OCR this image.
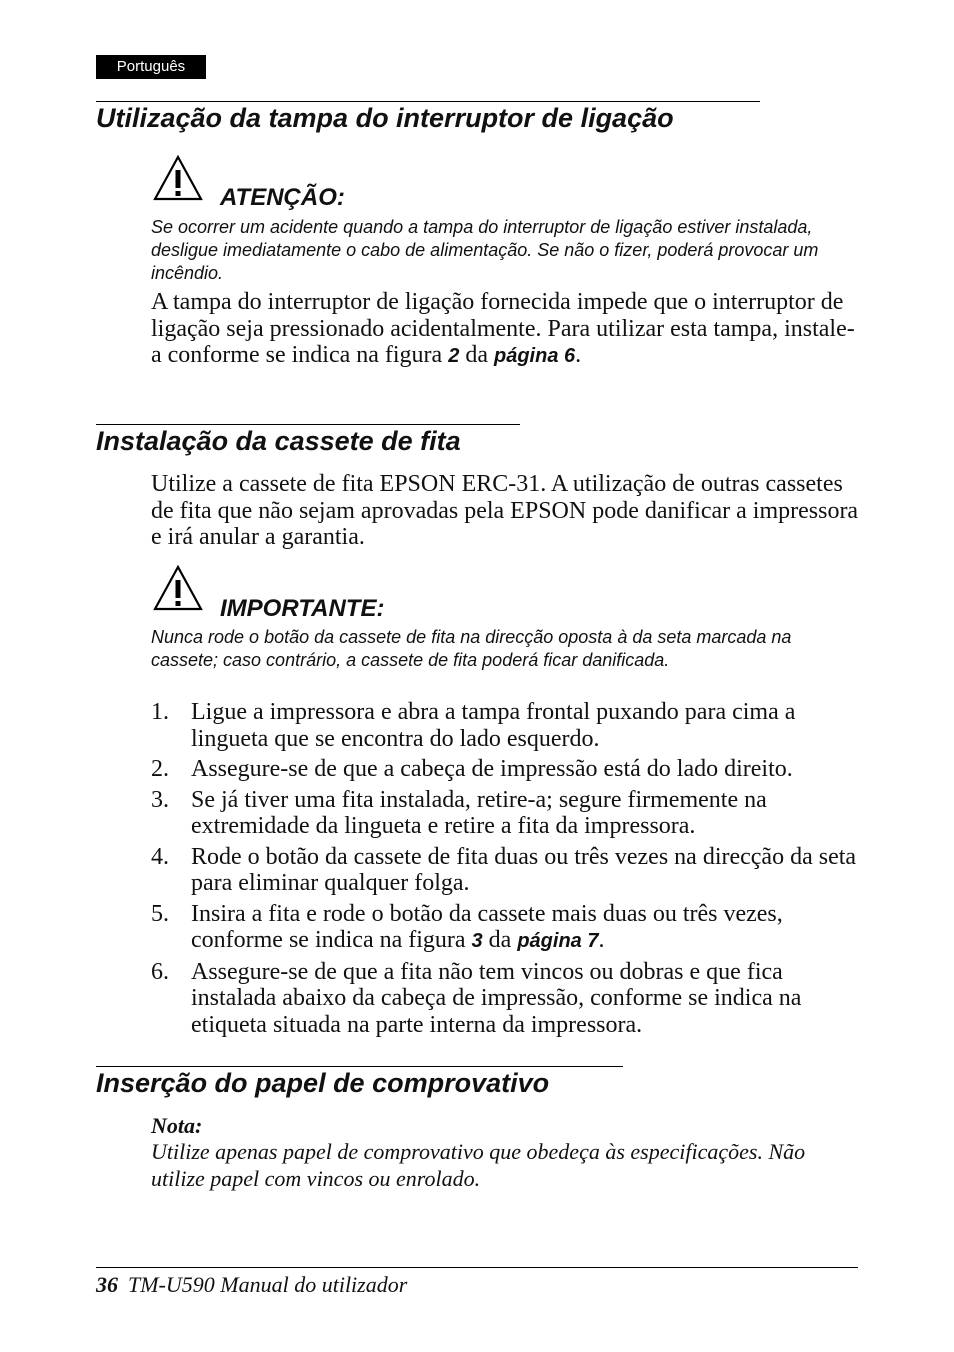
Português
Utilização da tampa do interruptor de ligação
ATENÇÃO:
Se ocorrer um acidente quando a tampa do interruptor de ligação estiver instalada, desligue imediatamente o cabo de alimentação. Se não o fizer, poderá provocar um incêndio.
A tampa do interruptor de ligação fornecida impede que o interruptor de ligação seja pressionado acidentalmente. Para utilizar esta tampa, instale-a conforme se indica na figura 2 da página 6.
Instalação da cassete de fita
Utilize a cassete de fita EPSON ERC-31. A utilização de outras cassetes de fita que não sejam aprovadas pela EPSON pode danificar a impressora e irá anular a garantia.
IMPORTANTE:
Nunca rode o botão da cassete de fita na direcção oposta à da seta marcada na cassete; caso contrário, a cassete de fita poderá ficar danificada.
1. Ligue a impressora e abra a tampa frontal puxando para cima a lingueta que se encontra do lado esquerdo.
2. Assegure-se de que a cabeça de impressão está do lado direito.
3. Se já tiver uma fita instalada, retire-a; segure firmemente na extremidade da lingueta e retire a fita da impressora.
4. Rode o botão da cassete de fita duas ou três vezes na direcção da seta para eliminar qualquer folga.
5. Insira a fita e rode o botão da cassete mais duas ou três vezes, conforme se indica na figura 3 da página 7.
6. Assegure-se de que a fita não tem vincos ou dobras e que fica instalada abaixo da cabeça de impressão, conforme se indica na etiqueta situada na parte interna da impressora.
Inserção do papel de comprovativo
Nota:
Utilize apenas papel de comprovativo que obedeça às especificações. Não utilize papel com vincos ou enrolado.
36 TM-U590 Manual do utilizador
